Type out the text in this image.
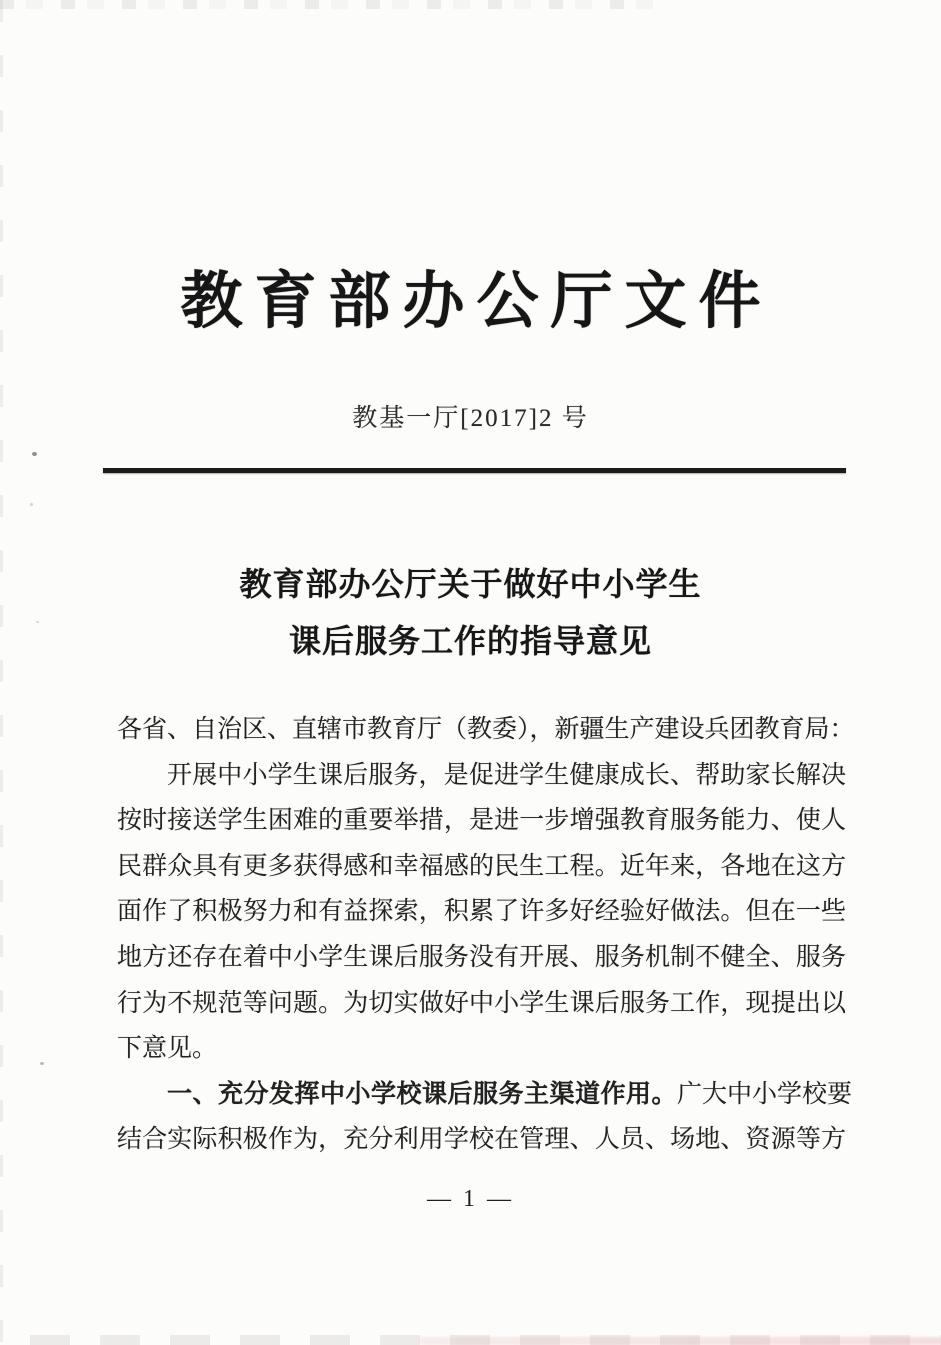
教育部办公厅文件
教基一厅[2017]2 号
教育部办公厅关于做好中小学生
课后服务工作的指导意见
各省、自治区、直辖市教育厅（教委），新疆生产建设兵团教育局：
开展中小学生课后服务，是促进学生健康成长、帮助家长解决
按时接送学生困难的重要举措，是进一步增强教育服务能力、使人
民群众具有更多获得感和幸福感的民生工程。近年来，各地在这方
面作了积极努力和有益探索，积累了许多好经验好做法。但在一些
地方还存在着中小学生课后服务没有开展、服务机制不健全、服务
行为不规范等问题。为切实做好中小学生课后服务工作，现提出以
下意见。
一、充分发挥中小学校课后服务主渠道作用。广大中小学校要
结合实际积极作为，充分利用学校在管理、人员、场地、资源等方
— 1 —
